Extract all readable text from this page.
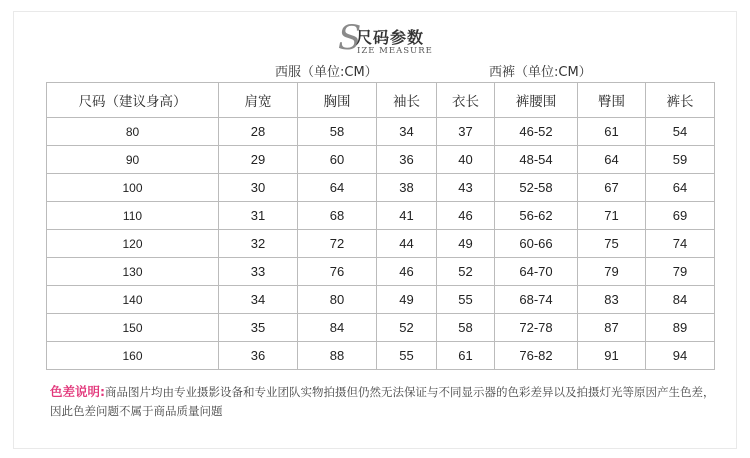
S
尺码参数
IZE MEASURE
西服（单位:CM）	西裤（单位:CM）
尺码（建议身高）	肩宽	胸围	袖长	衣长	裤腰围	臀围	裤长
80	28	58	34	37	46-52	61	54
90	29	60	36	40	48-54	64	59
100	30	64	38	43	52-58	67	64
110	31	68	41	46	56-62	71	69
120	32	72	44	49	60-66	75	74
130	33	76	46	52	64-70	79	79
140	34	80	49	55	68-74	83	84
150	35	84	52	58	72-78	87	89
160	36	88	55	61	76-82	91	94
色差说明:商品图片均由专业摄影设备和专业团队实物拍摄但仍然无法保证与不同显示器的色彩差异以及拍摄灯光等原因产生色差，因此色差问题不属于商品质量问题
